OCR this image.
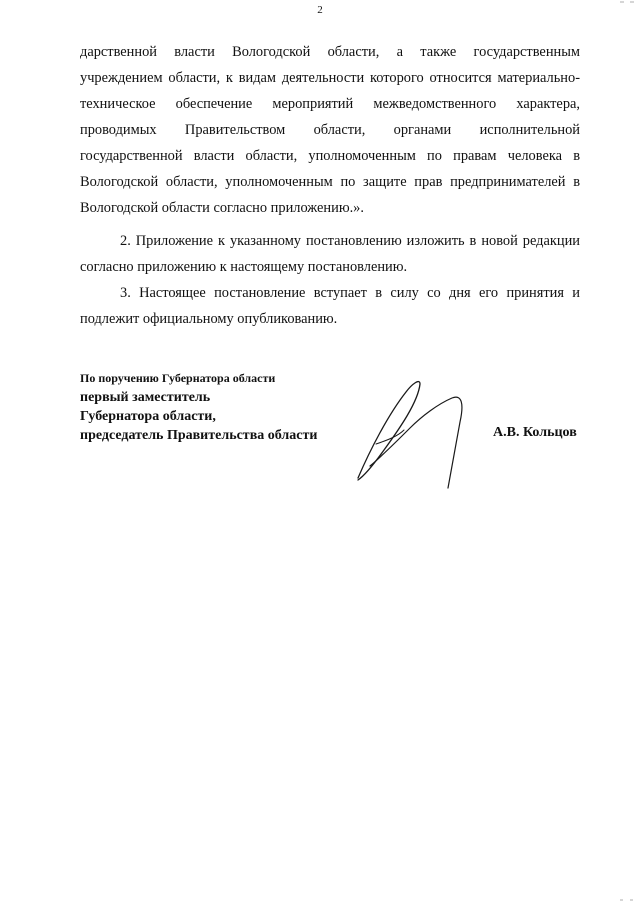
2

дарственной власти Вологодской области, а также государственным учреждением области, к видам деятельности которого относится материально-техническое обеспечение мероприятий межведомственного характера, проводимых Правительством области, органами исполнительной государственной власти области, уполномоченным по правам человека в Вологодской области, уполномоченным по защите прав предпринимателей в Вологодской области согласно приложению.».

2. Приложение к указанному постановлению изложить в новой редакции согласно приложению к настоящему постановлению.

3. Настоящее постановление вступает в силу со дня его принятия и подлежит официальному опубликованию.

По поручению Губернатора области
первый заместитель
Губернатора области,
председатель Правительства области	А.В. Кольцов
